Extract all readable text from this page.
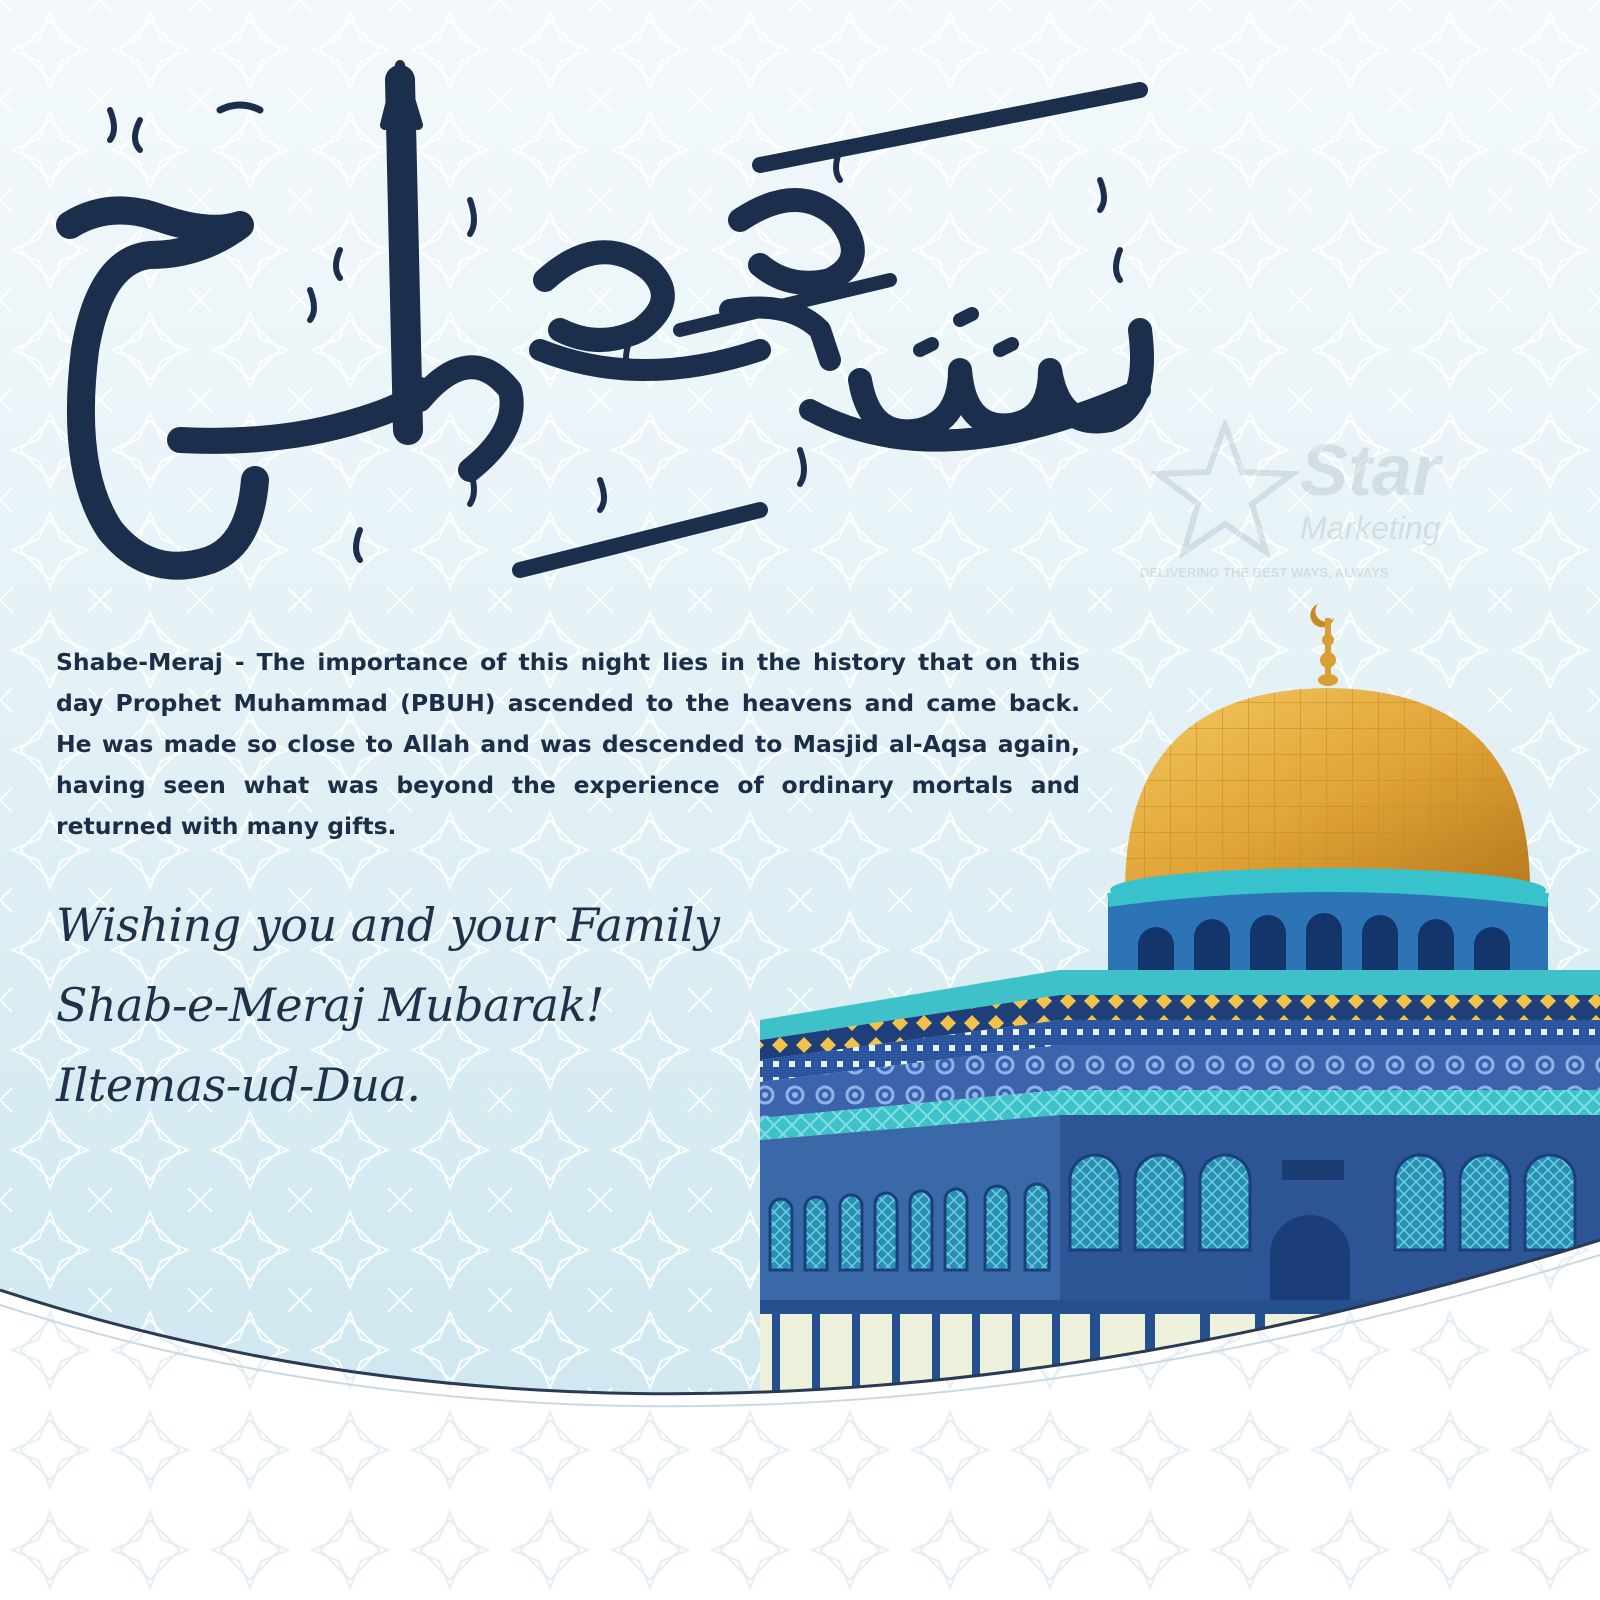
Star
Marketing
DELIVERING THE BEST WAYS, ALWAYS

Shabe-Meraj - The importance of this night lies in the history that on this day Prophet Muhammad (PBUH) ascended to the heavens and came back. He was made so close to Allah and was descended to Masjid al-Aqsa again, having seen what was beyond the experience of ordinary mortals and returned with many gifts.

Wishing you and your Family

Shab-e-Meraj Mubarak!

Iltemas-ud-Dua.
